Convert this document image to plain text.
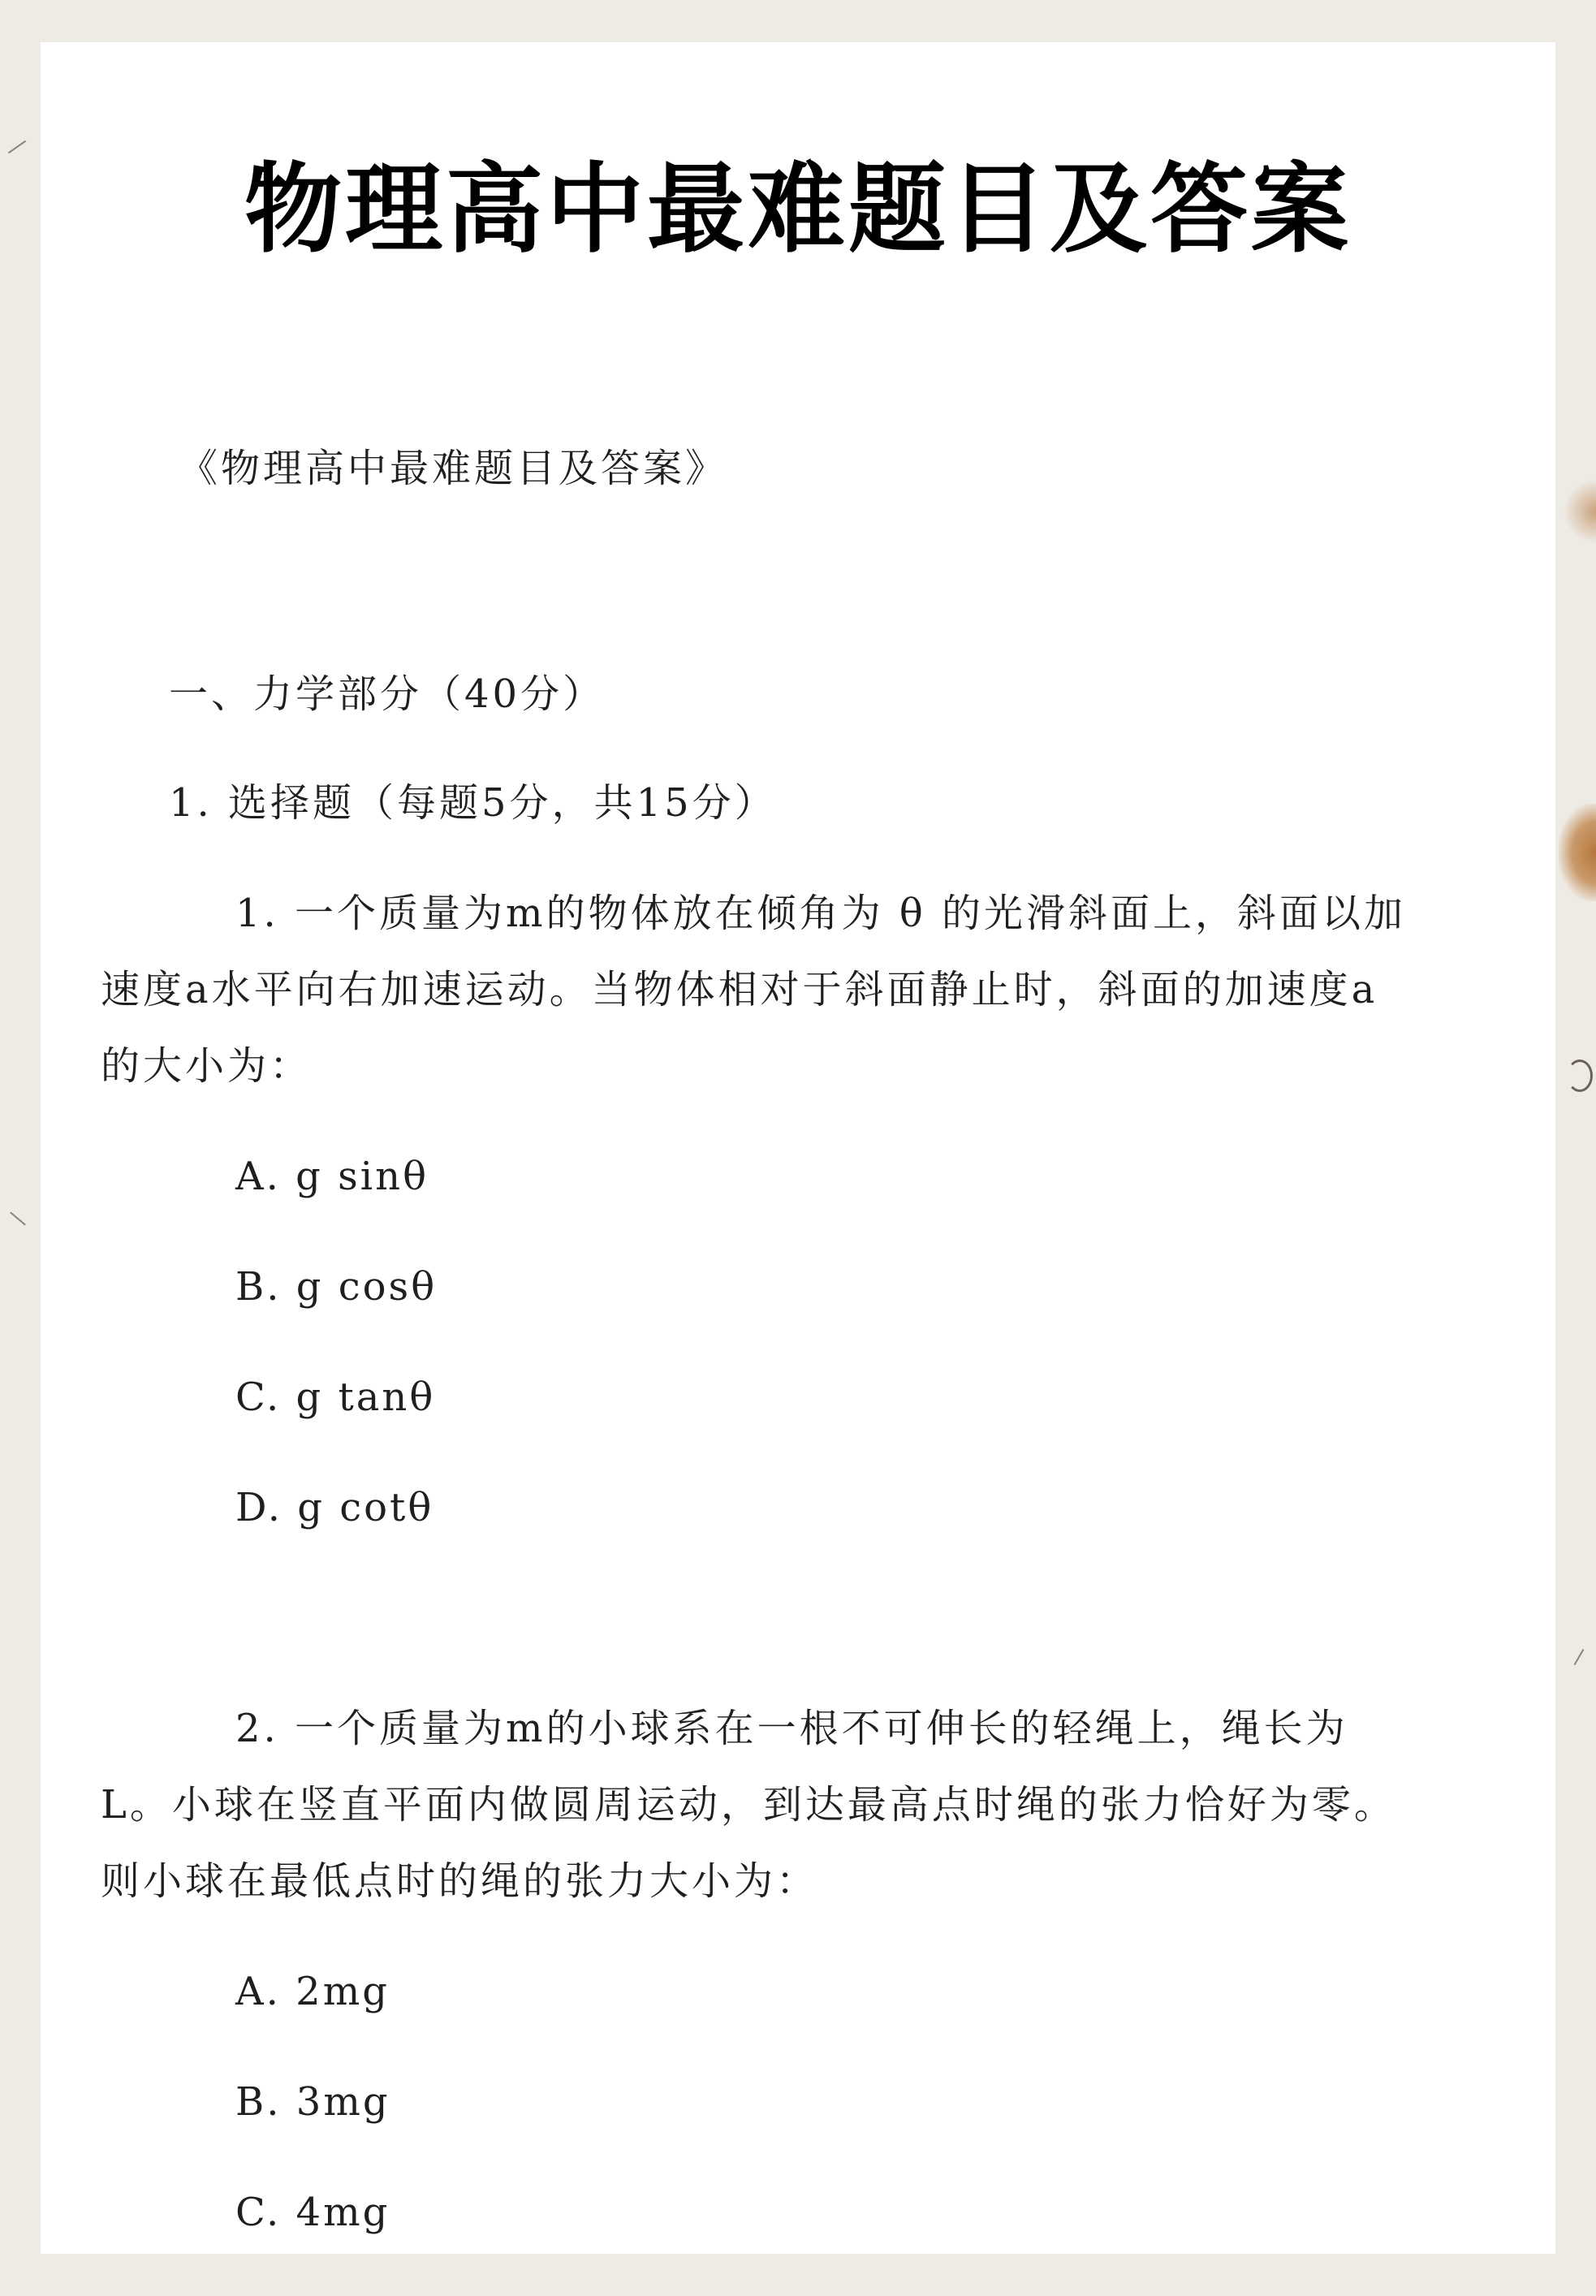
物理高中最难题目及答案

《物理高中最难题目及答案》

一、力学部分（40分）

1. 选择题（每题5分，共15分）

1. 一个质量为m的物体放在倾角为 θ 的光滑斜面上，斜面以加

速度a水平向右加速运动。当物体相对于斜面静止时，斜面的加速度a

的大小为：

A. g sinθ

B. g cosθ

C. g tanθ

D. g cotθ

2. 一个质量为m的小球系在一根不可伸长的轻绳上，绳长为

L。小球在竖直平面内做圆周运动，到达最高点时绳的张力恰好为零。

则小球在最低点时的绳的张力大小为：

A. 2mg

B. 3mg

C. 4mg
